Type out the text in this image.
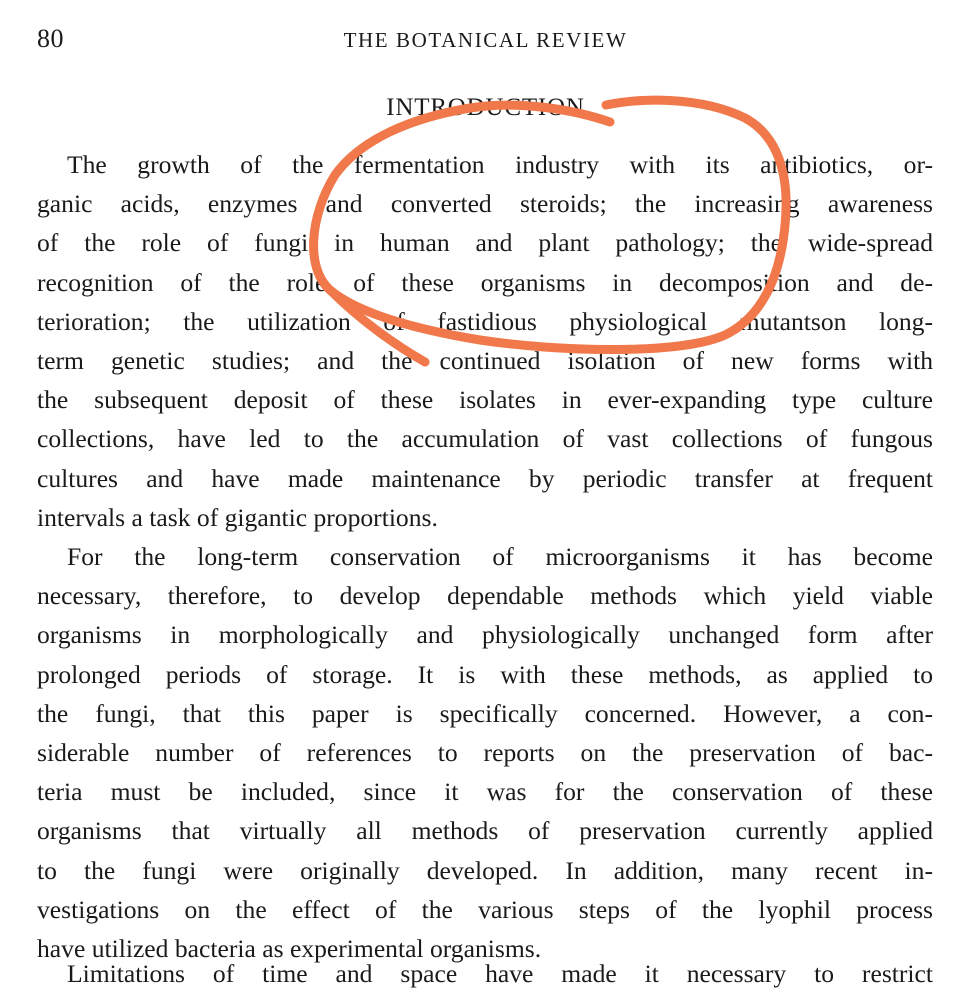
80	THE BOTANICAL REVIEW
INTRODUCTION
The growth of the fermentation industry with its antibiotics, or-
ganic acids, enzymes and converted steroids; the increasing awareness
of the role of fungi in human and plant pathology; the wide-spread
recognition of the role of these organisms in decomposition and de-
terioration; the utilization of fastidious physiological mutantson long-
term genetic studies; and the continued isolation of new forms with
the subsequent deposit of these isolates in ever-expanding type culture
collections, have led to the accumulation of vast collections of fungous
cultures and have made maintenance by periodic transfer at frequent
intervals a task of gigantic proportions.
For the long-term conservation of microorganisms it has become
necessary, therefore, to develop dependable methods which yield viable
organisms in morphologically and physiologically unchanged form after
prolonged periods of storage. It is with these methods, as applied to
the fungi, that this paper is specifically concerned. However, a con-
siderable number of references to reports on the preservation of bac-
teria must be included, since it was for the conservation of these
organisms that virtually all methods of preservation currently applied
to the fungi were originally developed. In addition, many recent in-
vestigations on the effect of the various steps of the lyophil process
have utilized bacteria as experimental organisms.
Limitations of time and space have made it necessary to restrict
